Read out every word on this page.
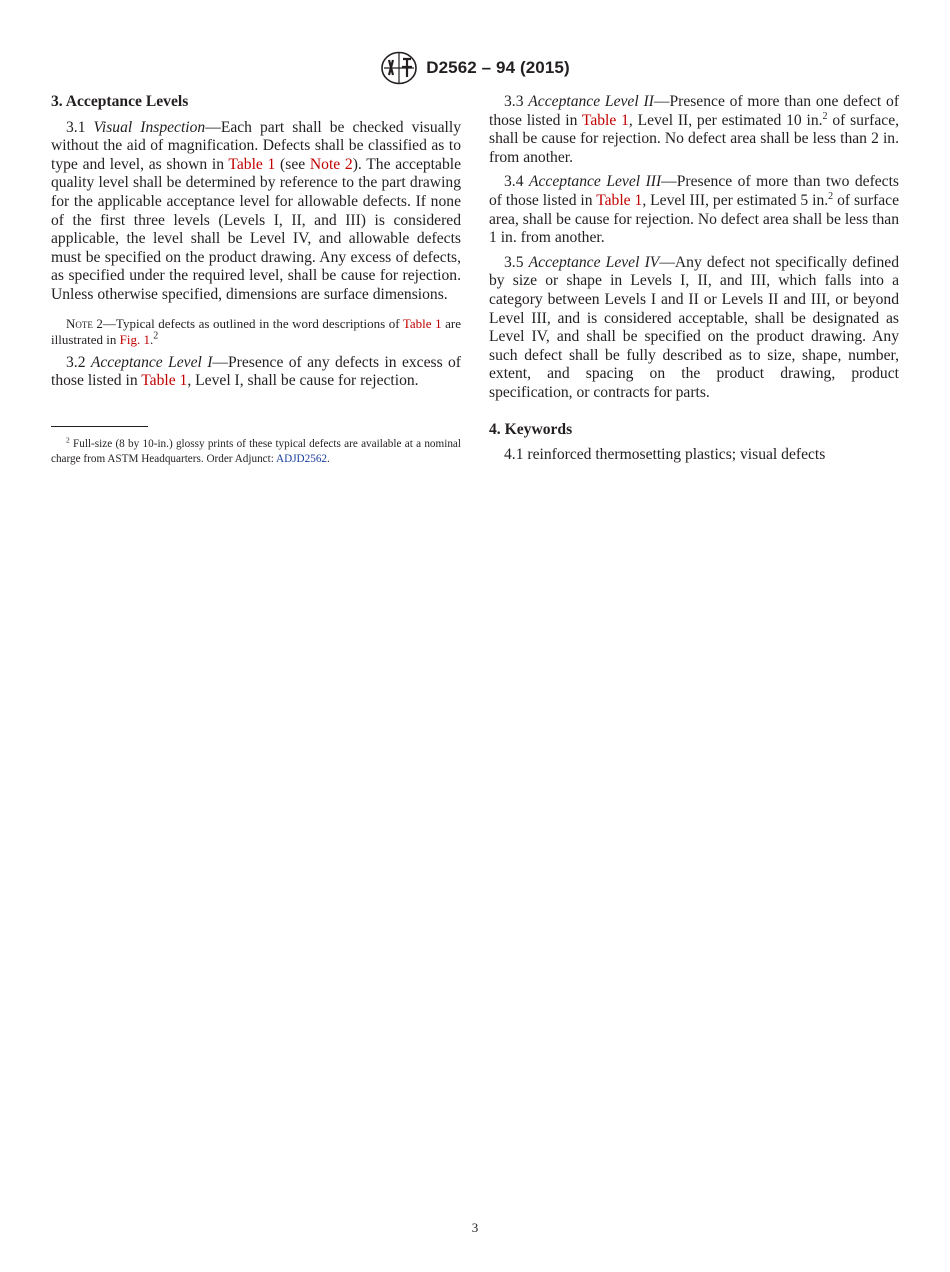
D2562 – 94 (2015)

3. Acceptance Levels

3.1 Visual Inspection—Each part shall be checked visually without the aid of magnification. Defects shall be classified as to type and level, as shown in Table 1 (see Note 2). The acceptable quality level shall be determined by reference to the part drawing for the applicable acceptance level for allowable defects. If none of the first three levels (Levels I, II, and III) is considered applicable, the level shall be Level IV, and allowable defects must be specified on the product drawing. Any excess of defects, as specified under the required level, shall be cause for rejection. Unless otherwise specified, dimensions are surface dimensions.

Note 2—Typical defects as outlined in the word descriptions of Table 1 are illustrated in Fig. 1.$^2$

3.2 Acceptance Level I—Presence of any defects in excess of those listed in Table 1, Level I, shall be cause for rejection.

$^2$ Full-size (8 by 10-in.) glossy prints of these typical defects are available at a nominal charge from ASTM Headquarters. Order Adjunct: ADJD2562.

3.3 Acceptance Level II—Presence of more than one defect of those listed in Table 1, Level II, per estimated 10 in.$^2$ of surface, shall be cause for rejection. No defect area shall be less than 2 in. from another.

3.4 Acceptance Level III—Presence of more than two defects of those listed in Table 1, Level III, per estimated 5 in.$^2$ of surface area, shall be cause for rejection. No defect area shall be less than 1 in. from another.

3.5 Acceptance Level IV—Any defect not specifically defined by size or shape in Levels I, II, and III, which falls into a category between Levels I and II or Levels II and III, or beyond Level III, and is considered acceptable, shall be designated as Level IV, and shall be specified on the product drawing. Any such defect shall be fully described as to size, shape, number, extent, and spacing on the product drawing, product specification, or contracts for parts.

4. Keywords

4.1 reinforced thermosetting plastics; visual defects

3
